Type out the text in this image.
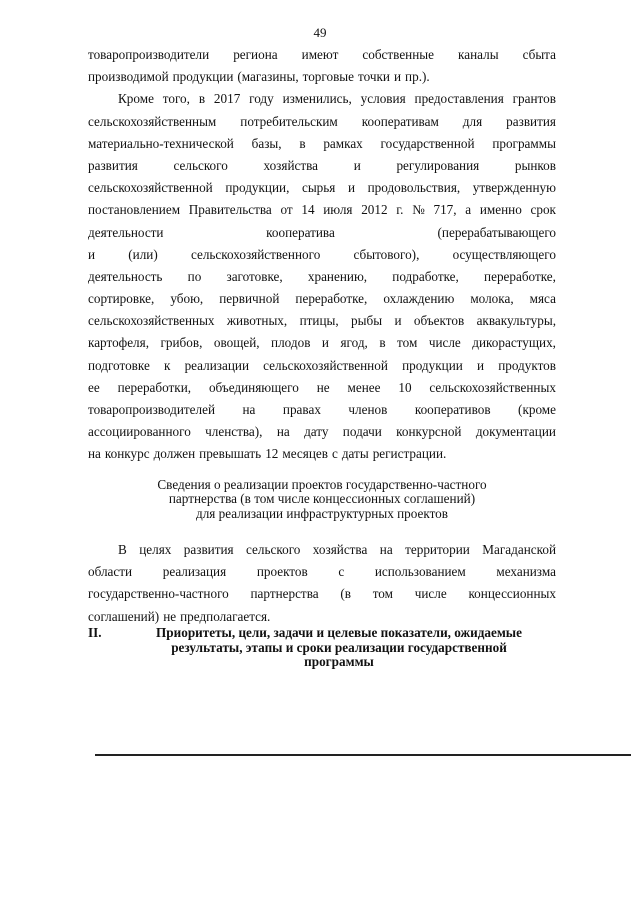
49
товаропроизводители региона имеют собственные каналы сбыта
производимой продукции (магазины, торговые точки и пр.).
Кроме того, в 2017 году изменились, условия предоставления грантов
сельскохозяйственным потребительским кооперативам для развития
материально-технической базы, в рамках государственной программы
развития	сельского	хозяйства	и	регулирования	рынков
сельскохозяйственной продукции, сырья и продовольствия, утвержденную
постановлением Правительства от 14 июля 2012 г. № 717, а именно срок
деятельности	кооператива	(перерабатывающего
и	(или)	сельскохозяйственного	сбытового),	осуществляющего
деятельность по заготовке, хранению, подработке, переработке,
сортировке, убою, первичной переработке, охлаждению молока, мяса
сельскохозяйственных животных, птицы, рыбы и объектов аквакультуры,
картофеля, грибов, овощей, плодов и ягод, в том числе дикорастущих,
подготовке к реализации сельскохозяйственной продукции и продуктов
ее переработки, объединяющего не менее 10 сельскохозяйственных
товаропроизводителей на правах членов кооперативов (кроме
ассоциированного членства), на дату подачи конкурсной документации
на конкурс должен превышать 12 месяцев с даты регистрации.
Сведения о реализации проектов государственно-частного
партнерства (в том числе концессионных соглашений)
для реализации инфраструктурных проектов
В целях развития сельского хозяйства на территории Магаданской
области реализация проектов с использованием механизма
государственно-частного партнерства (в том числе концессионных
соглашений) не предполагается.
II.	Приоритеты, цели, задачи и целевые показатели, ожидаемые
результаты, этапы и сроки реализации государственной
программы
